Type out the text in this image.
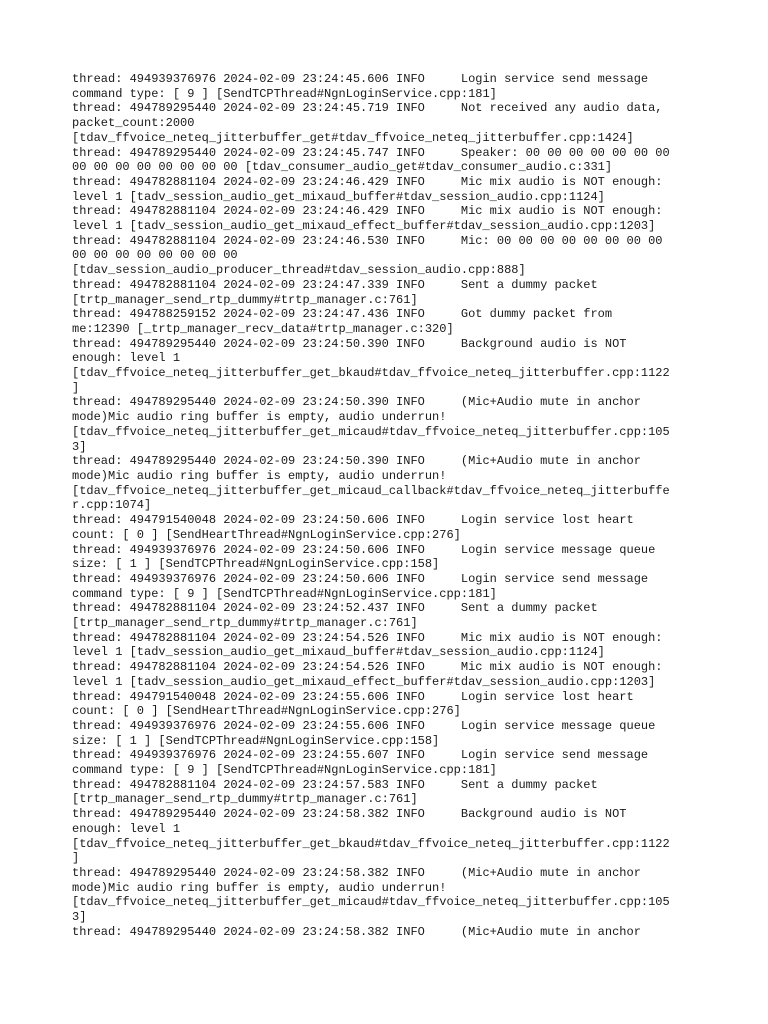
thread: 494939376976 2024-02-09 23:24:45.606 INFO     Login service send message
command type: [ 9 ] [SendTCPThread#NgnLoginService.cpp:181]
thread: 494789295440 2024-02-09 23:24:45.719 INFO     Not received any audio data,
packet_count:2000
[tdav_ffvoice_neteq_jitterbuffer_get#tdav_ffvoice_neteq_jitterbuffer.cpp:1424]
thread: 494789295440 2024-02-09 23:24:45.747 INFO     Speaker: 00 00 00 00 00 00 00
00 00 00 00 00 00 00 00 [tdav_consumer_audio_get#tdav_consumer_audio.c:331]
thread: 494782881104 2024-02-09 23:24:46.429 INFO     Mic mix audio is NOT enough:
level 1 [tadv_session_audio_get_mixaud_buffer#tdav_session_audio.cpp:1124]
thread: 494782881104 2024-02-09 23:24:46.429 INFO     Mic mix audio is NOT enough:
level 1 [tadv_session_audio_get_mixaud_effect_buffer#tdav_session_audio.cpp:1203]
thread: 494782881104 2024-02-09 23:24:46.530 INFO     Mic: 00 00 00 00 00 00 00 00
00 00 00 00 00 00 00 00
[tdav_session_audio_producer_thread#tdav_session_audio.cpp:888]
thread: 494782881104 2024-02-09 23:24:47.339 INFO     Sent a dummy packet
[trtp_manager_send_rtp_dummy#trtp_manager.c:761]
thread: 494788259152 2024-02-09 23:24:47.436 INFO     Got dummy packet from
me:12390 [_trtp_manager_recv_data#trtp_manager.c:320]
thread: 494789295440 2024-02-09 23:24:50.390 INFO     Background audio is NOT
enough: level 1
[tdav_ffvoice_neteq_jitterbuffer_get_bkaud#tdav_ffvoice_neteq_jitterbuffer.cpp:1122
]
thread: 494789295440 2024-02-09 23:24:50.390 INFO     (Mic+Audio mute in anchor
mode)Mic audio ring buffer is empty, audio underrun!
[tdav_ffvoice_neteq_jitterbuffer_get_micaud#tdav_ffvoice_neteq_jitterbuffer.cpp:105
3]
thread: 494789295440 2024-02-09 23:24:50.390 INFO     (Mic+Audio mute in anchor
mode)Mic audio ring buffer is empty, audio underrun!
[tdav_ffvoice_neteq_jitterbuffer_get_micaud_callback#tdav_ffvoice_neteq_jitterbuffe
r.cpp:1074]
thread: 494791540048 2024-02-09 23:24:50.606 INFO     Login service lost heart
count: [ 0 ] [SendHeartThread#NgnLoginService.cpp:276]
thread: 494939376976 2024-02-09 23:24:50.606 INFO     Login service message queue
size: [ 1 ] [SendTCPThread#NgnLoginService.cpp:158]
thread: 494939376976 2024-02-09 23:24:50.606 INFO     Login service send message
command type: [ 9 ] [SendTCPThread#NgnLoginService.cpp:181]
thread: 494782881104 2024-02-09 23:24:52.437 INFO     Sent a dummy packet
[trtp_manager_send_rtp_dummy#trtp_manager.c:761]
thread: 494782881104 2024-02-09 23:24:54.526 INFO     Mic mix audio is NOT enough:
level 1 [tadv_session_audio_get_mixaud_buffer#tdav_session_audio.cpp:1124]
thread: 494782881104 2024-02-09 23:24:54.526 INFO     Mic mix audio is NOT enough:
level 1 [tadv_session_audio_get_mixaud_effect_buffer#tdav_session_audio.cpp:1203]
thread: 494791540048 2024-02-09 23:24:55.606 INFO     Login service lost heart
count: [ 0 ] [SendHeartThread#NgnLoginService.cpp:276]
thread: 494939376976 2024-02-09 23:24:55.606 INFO     Login service message queue
size: [ 1 ] [SendTCPThread#NgnLoginService.cpp:158]
thread: 494939376976 2024-02-09 23:24:55.607 INFO     Login service send message
command type: [ 9 ] [SendTCPThread#NgnLoginService.cpp:181]
thread: 494782881104 2024-02-09 23:24:57.583 INFO     Sent a dummy packet
[trtp_manager_send_rtp_dummy#trtp_manager.c:761]
thread: 494789295440 2024-02-09 23:24:58.382 INFO     Background audio is NOT
enough: level 1
[tdav_ffvoice_neteq_jitterbuffer_get_bkaud#tdav_ffvoice_neteq_jitterbuffer.cpp:1122
]
thread: 494789295440 2024-02-09 23:24:58.382 INFO     (Mic+Audio mute in anchor
mode)Mic audio ring buffer is empty, audio underrun!
[tdav_ffvoice_neteq_jitterbuffer_get_micaud#tdav_ffvoice_neteq_jitterbuffer.cpp:105
3]
thread: 494789295440 2024-02-09 23:24:58.382 INFO     (Mic+Audio mute in anchor
